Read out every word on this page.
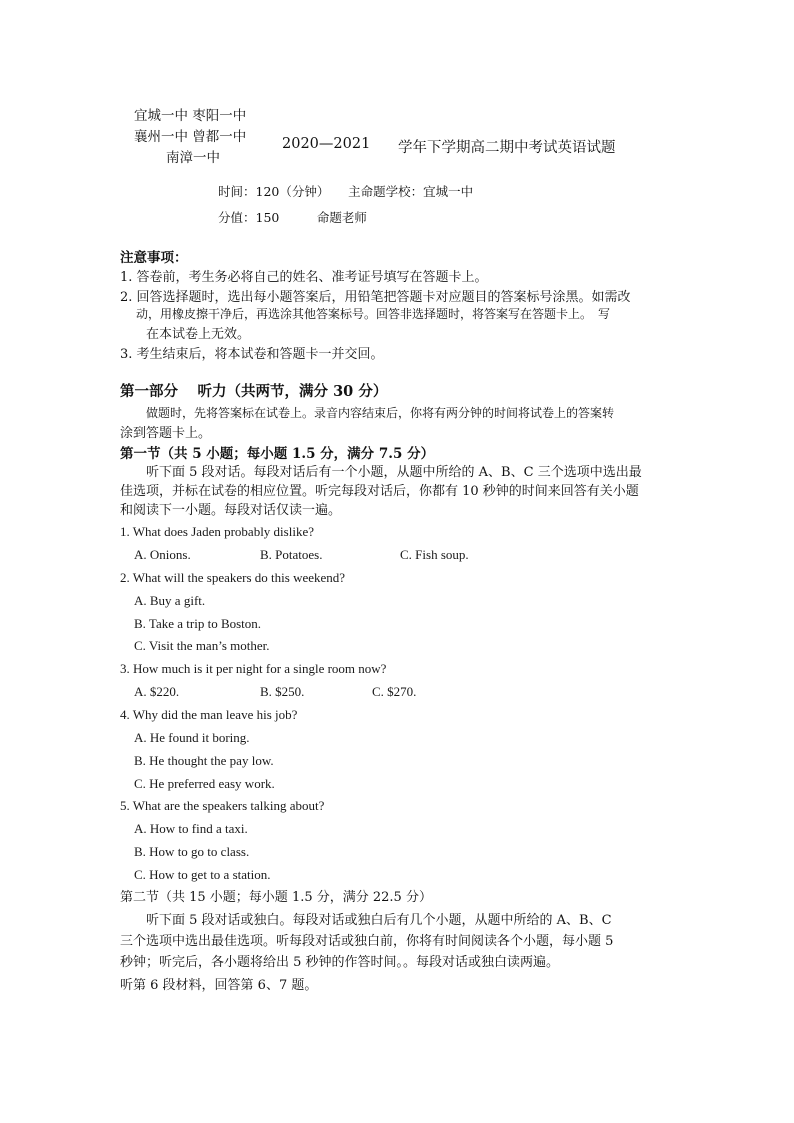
宜城一中 枣阳一中
襄州一中 曾都一中
南漳一中
2020—2021 学年下学期高二期中考试英语试题
时间：120（分钟）　　主命题学校：宜城一中
分值：150　　　命题老师
注意事项：
1. 答卷前，考生务必将自己的姓名、准考证号填写在答题卡上。
2. 回答选择题时，选出每小题答案后，用铅笔把答题卡对应题目的答案标号涂黑。如需改
动，用橡皮擦干净后，再选涂其他答案标号。回答非选择题时，将答案写在答题卡上。　写
在本试卷上无效。
3. 考生结束后，将本试卷和答题卡一并交回。
第一部分　 听力（共两节，满分 30 分）
做题时，先将答案标在试卷上。录音内容结束后，你将有两分钟的时间将试卷上的答案转
涂到答题卡上。
第一节（共 5 小题；每小题 1.5 分，满分 7.5 分）
听下面 5 段对话。每段对话后有一个小题，从题中所给的 A、B、C 三个选项中选出最
佳选项，并标在试卷的相应位置。听完每段对话后，你都有 10 秒钟的时间来回答有关小题
和阅读下一小题。每段对话仅读一遍。
1. What does Jaden probably dislike?
A. Onions.	B. Potatoes.	C. Fish soup.
2. What will the speakers do this weekend?
A. Buy a gift.
B. Take a trip to Boston.
C. Visit the man’s mother.
3. How much is it per night for a single room now?
A. $220.	B. $250.	C. $270.
4. Why did the man leave his job?
A. He found it boring.
B. He thought the pay low.
C. He preferred easy work.
5. What are the speakers talking about?
A. How to find a taxi.
B. How to go to class.
C. How to get to a station.
第二节（共 15 小题；每小题 1.5 分，满分 22.5 分）
听下面 5 段对话或独白。每段对话或独白后有几个小题，从题中所给的 A、B、C
三个选项中选出最佳选项。听每段对话或独白前，你将有时间阅读各个小题，每小题 5
秒钟；听完后，各小题将给出 5 秒钟的作答时间。。每段对话或独白读两遍。
听第 6 段材料，回答第 6、7 题。
